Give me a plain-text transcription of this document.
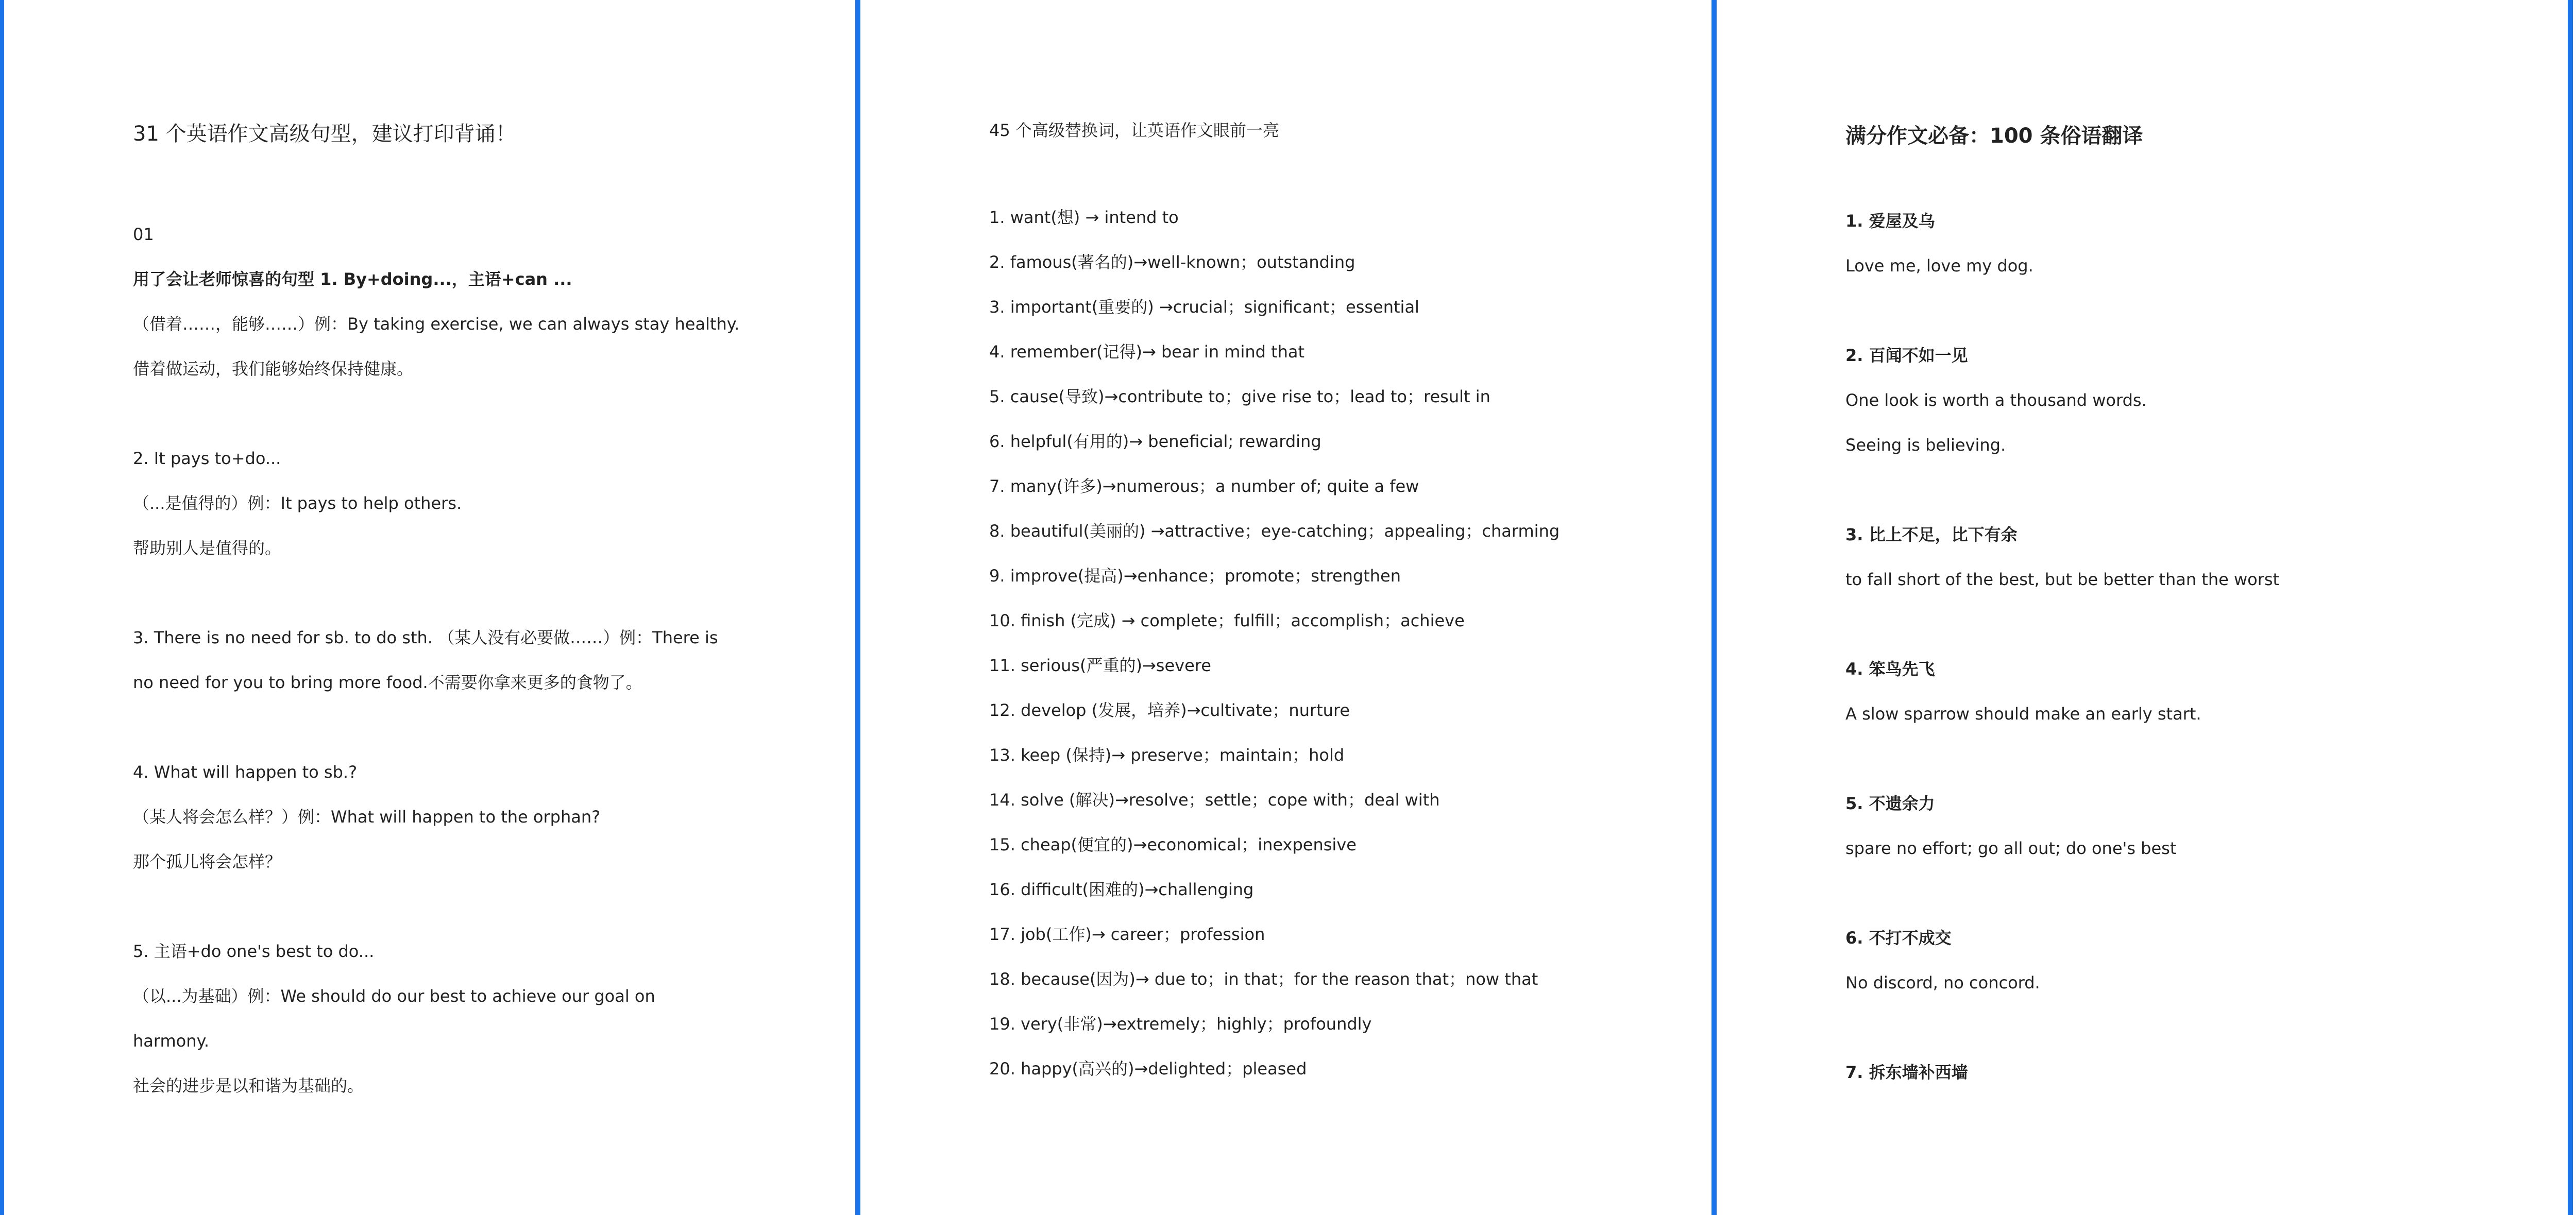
31 个英语作文高级句型，建议打印背诵！
01
用了会让老师惊喜的句型 1. By+doing...，主语+can ...
（借着……，能够……）例：By taking exercise, we can always stay healthy.
借着做运动，我们能够始终保持健康。
2. It pays to+do...
（...是值得的）例：It pays to help others.
帮助别人是值得的。
3. There is no need for sb. to do sth. （某人没有必要做……）例：There is
no need for you to bring more food.不需要你拿来更多的食物了。
4. What will happen to sb.?
（某人将会怎么样？）例：What will happen to the orphan?
那个孤儿将会怎样？
5. 主语+do one's best to do...
（以...为基础）例：We should do our best to achieve our goal on
harmony.
社会的进步是以和谐为基础的。
45 个高级替换词，让英语作文眼前一亮
1. want(想) → intend to
2. famous(著名的)→well-known；outstanding
3. important(重要的) →crucial；significant；essential
4. remember(记得)→ bear in mind that
5. cause(导致)→contribute to；give rise to；lead to；result in
6. helpful(有用的)→ beneficial; rewarding
7. many(许多)→numerous；a number of; quite a few
8. beautiful(美丽的) →attractive；eye-catching；appealing；charming
9. improve(提高)→enhance；promote；strengthen
10. finish (完成) → complete；fulfill；accomplish；achieve
11. serious(严重的)→severe
12. develop (发展，培养)→cultivate；nurture
13. keep (保持)→ preserve；maintain；hold
14. solve (解决)→resolve；settle；cope with；deal with
15. cheap(便宜的)→economical；inexpensive
16. difficult(困难的)→challenging
17. job(工作)→ career；profession
18. because(因为)→ due to；in that；for the reason that；now that
19. very(非常)→extremely；highly；profoundly
20. happy(高兴的)→delighted；pleased
满分作文必备：100 条俗语翻译
1. 爱屋及乌
Love me, love my dog.
2. 百闻不如一见
One look is worth a thousand words.
Seeing is believing.
3. 比上不足，比下有余
to fall short of the best, but be better than the worst
4. 笨鸟先飞
A slow sparrow should make an early start.
5. 不遗余力
spare no effort; go all out; do one's best
6. 不打不成交
No discord, no concord.
7. 拆东墙补西墙
